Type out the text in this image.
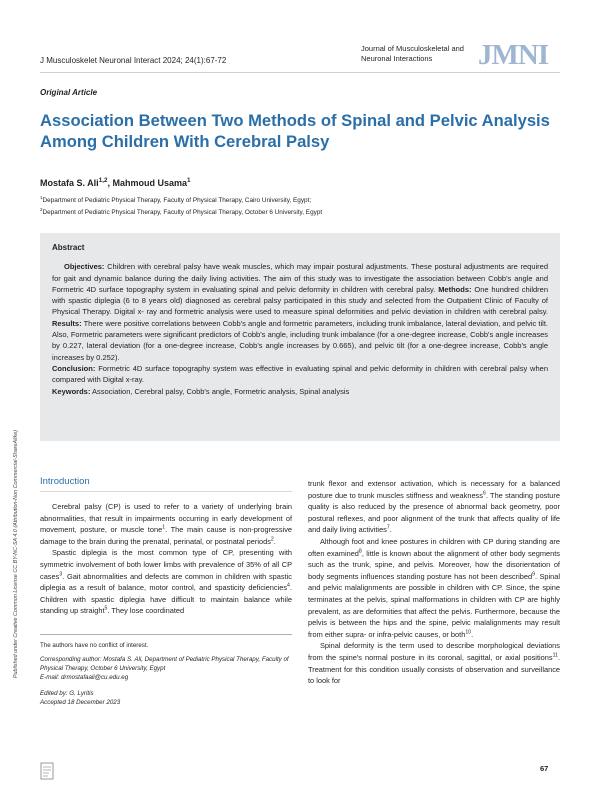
J Musculoskelet Neuronal Interact 2024; 24(1):67-72
Journal of Musculoskeletal and Neuronal Interactions	JMNI
Original Article
Association Between Two Methods of Spinal and Pelvic Analysis Among Children With Cerebral Palsy
Mostafa S. Ali$^{1,2}$, Mahmoud Usama$^1$
$^1$Department of Pediatric Physical Therapy, Faculty of Physical Therapy, Cairo University, Egypt;
$^2$Department of Pediatric Physical Therapy, Faculty of Physical Therapy, October 6 University, Egypt
Abstract

Objectives: Children with cerebral palsy have weak muscles, which may impair postural adjustments. These postural adjustments are required for gait and dynamic balance during the daily living activities. The aim of this study was to investigate the association between Cobb's angle and Formetric 4D surface topography system in evaluating spinal and pelvic deformity in children with cerebral palsy. Methods: One hundred children with spastic diplegia (6 to 8 years old) diagnosed as cerebral palsy participated in this study and selected from the Outpatient Clinic of Faculty of Physical Therapy. Digital x- ray and formetric analysis were used to measure spinal deformities and pelvic deviation in children with cerebral palsy. Results: There were positive correlations between Cobb's angle and formetric parameters, including trunk imbalance, lateral deviation, and pelvic tilt. Also, Formetric parameters were significant predictors of Cobb's angle, including trunk imbalance (for a one-degree increase, Cobb's angle increases by 0.227, lateral deviation (for a one-degree increase, Cobb's angle increases by 0.665), and pelvic tilt (for a one-degree increase, Cobb's angle increases by 0.252).

Conclusion: Formetric 4D surface topography system was effective in evaluating spinal and pelvic deformity in children with cerebral palsy when compared with Digital x-ray.

Keywords: Association, Cerebral palsy, Cobb's angle, Formetric analysis, Spinal analysis

Published under Creative Common License CC BY-NC-SA 4.0 (Attribution-Non Commercial-ShareAlike) Introduction

Cerebral palsy (CP) is used to refer to a variety of underlying brain abnormalities, that result in impairments occurring in early development of movement, posture, or muscle tone$^1$. The main cause is non-progressive damage to the brain during the prenatal, perinatal, or postnatal periods$^2$.

Spastic diplegia is the most common type of CP, presenting with symmetric involvement of both lower limbs with prevalence of 35% of all CP cases$^3$. Gait abnormalities and defects are common in children with spastic diplegia as a result of balance, motor control, and spasticity deficiencies$^4$. Children with spastic diplegia have difficult to maintain balance while standing up straight$^5$. They lose coordinated

trunk flexor and extensor activation, which is necessary for a balanced posture due to trunk muscles stiffness and weakness$^6$. The standing posture quality is also reduced by the presence of abnormal back geometry, poor postural reflexes, and poor alignment of the trunk that affects quality of life and daily living activities$^7$.

Although foot and knee postures in children with CP during standing are often examined$^8$, little is known about the alignment of other body segments such as the trunk, spine, and pelvis. Moreover, how the disorientation of body segments influences standing posture has not been described$^9$. Spinal and pelvic malalignments are possible in children with CP. Since, the spine terminates at the pelvis, spinal malformations in children with CP are highly prevalent, as are deformities that affect the pelvis. Furthermore, because the pelvis is between the hips and the spine, pelvic malalignments may result from either supra- or infra-pelvic causes, or both$^{10}$.

Spinal deformity is the term used to describe morphological deviations from the spine's normal posture in its coronal, sagittal, or axial positions$^{11}$. Treatment for this condition usually consists of observation and surveillance to look for

The authors have no conflict of interest.
Corresponding author: Mostafa S. Ali, Department of Pediatric Physical Therapy, Faculty of Physical Therapy, October 6 University, Egypt
E-mail: drmostafaali@cu.edu.eg
Edited by: G. Lyritis
Accepted 18 December 2023
67
